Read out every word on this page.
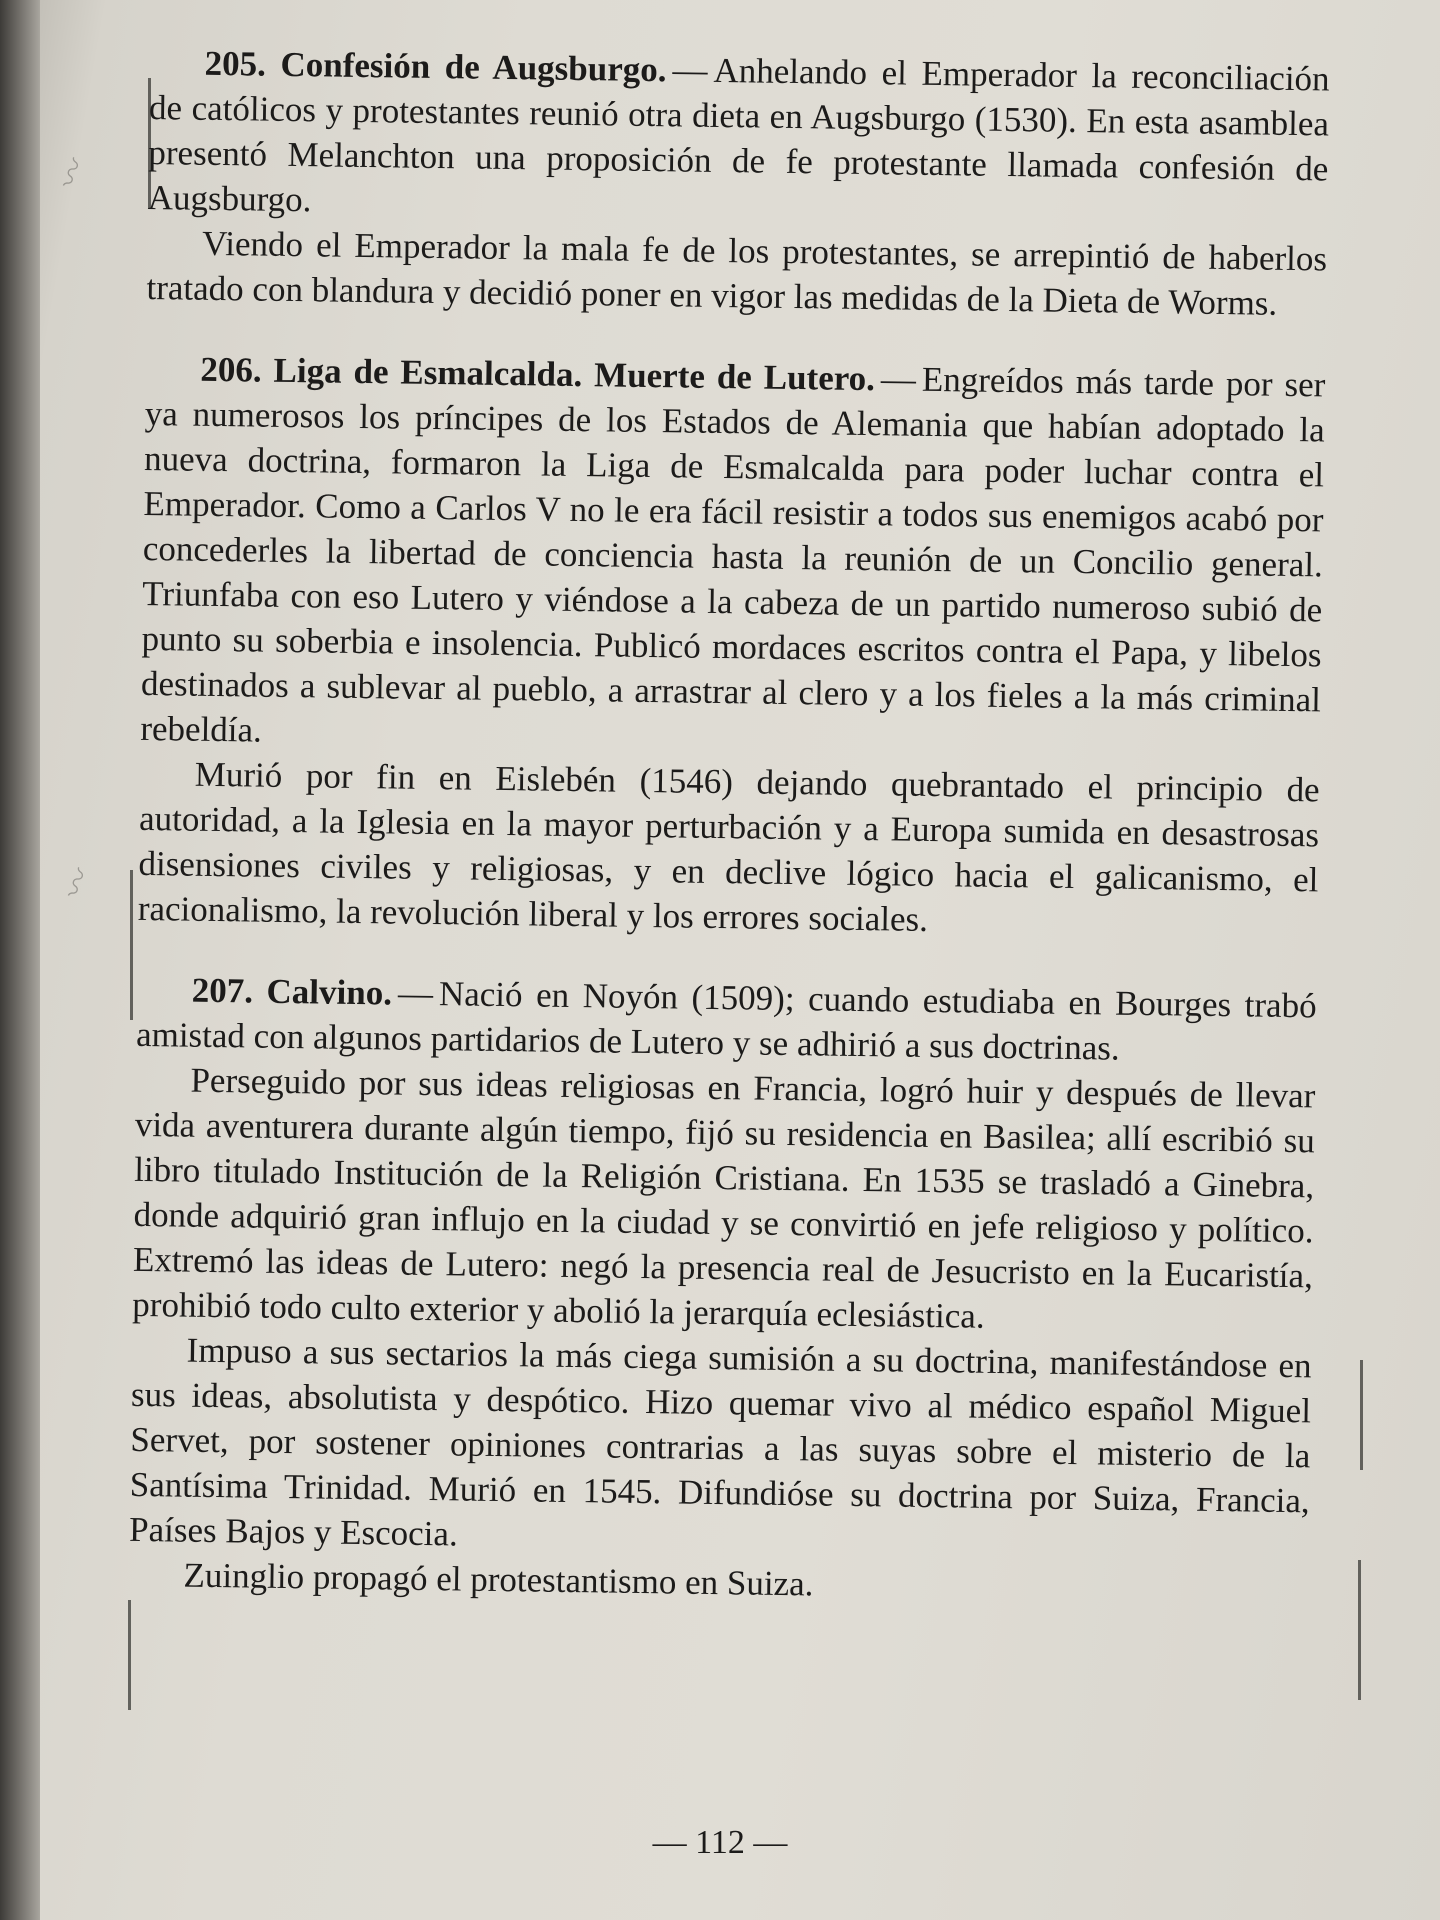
〰
〰

205. Confesión de Augsburgo. — Anhelando el Emperador la reconciliación de católicos y protestantes reunió otra dieta en Augsburgo (1530). En esta asamblea presentó Melanchton una proposición de fe protestante llamada confesión de Augsburgo.

Viendo el Emperador la mala fe de los protestantes, se arrepintió de haberlos tratado con blandura y decidió poner en vigor las medidas de la Dieta de Worms.

206. Liga de Esmalcalda. Muerte de Lutero. — Engreídos más tarde por ser ya numerosos los príncipes de los Estados de Alemania que habían adoptado la nueva doctrina, formaron la Liga de Esmalcalda para poder luchar contra el Emperador. Como a Carlos V no le era fácil resistir a todos sus enemigos acabó por concederles la libertad de conciencia hasta la reunión de un Concilio general. Triunfaba con eso Lutero y viéndose a la cabeza de un partido numeroso subió de punto su soberbia e insolencia. Publicó mordaces escritos contra el Papa, y libelos destinados a sublevar al pueblo, a arrastrar al clero y a los fieles a la más criminal rebeldía.

Murió por fin en Eislebén (1546) dejando quebrantado el principio de autoridad, a la Iglesia en la mayor perturbación y a Europa sumida en desastrosas disensiones civiles y religiosas, y en declive lógico hacia el galicanismo, el racionalismo, la revolución liberal y los errores sociales.

207. Calvino. — Nació en Noyón (1509); cuando estudiaba en Bourges trabó amistad con algunos partidarios de Lutero y se adhirió a sus doctrinas.

Perseguido por sus ideas religiosas en Francia, logró huir y después de llevar vida aventurera durante algún tiempo, fijó su residencia en Basilea; allí escribió su libro titulado Institución de la Religión Cristiana. En 1535 se trasladó a Ginebra, donde adquirió gran influjo en la ciudad y se convirtió en jefe religioso y político. Extremó las ideas de Lutero: negó la presencia real de Jesucristo en la Eucaristía, prohibió todo culto exterior y abolió la jerarquía eclesiástica.

Impuso a sus sectarios la más ciega sumisión a su doctrina, manifestándose en sus ideas, absolutista y despótico. Hizo quemar vivo al médico español Miguel Servet, por sostener opiniones contrarias a las suyas sobre el misterio de la Santísima Trinidad. Murió en 1545. Difundióse su doctrina por Suiza, Francia, Países Bajos y Escocia.

Zuinglio propagó el protestantismo en Suiza.

— 112 —
